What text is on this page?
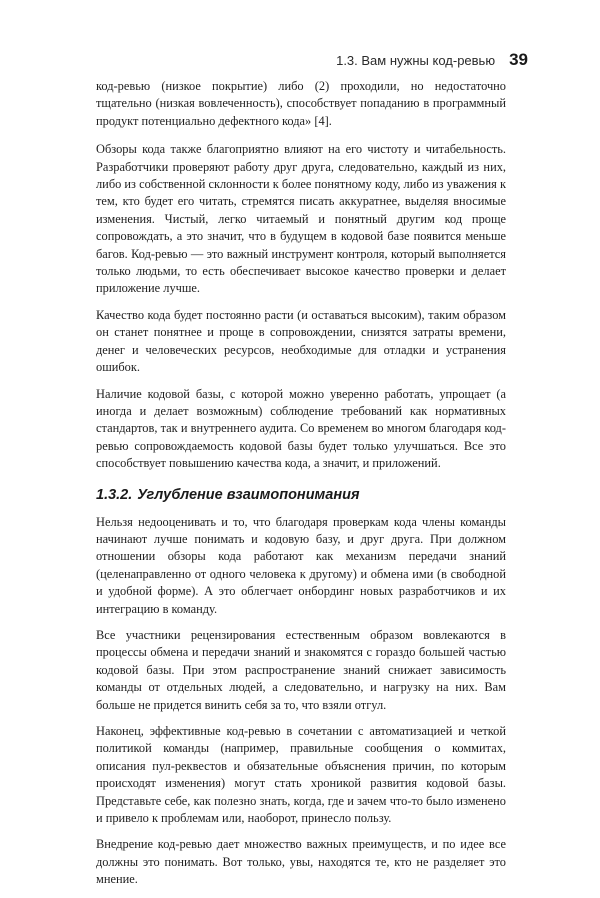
1.3. Вам нужны код-ревью 39

код-ревью (низкое покрытие) либо (2) проходили, но недостаточно тщательно (низкая вовлеченность), способствует попаданию в программный продукт потенциально дефектного кода» [4].

Обзоры кода также благоприятно влияют на его чистоту и читабельность. Разработчики проверяют работу друг друга, следовательно, каждый из них, либо из собственной склонности к более понятному коду, либо из уважения к тем, кто будет его читать, стремятся писать аккуратнее, выделяя вносимые изменения. Чистый, легко читаемый и понятный другим код проще сопровождать, а это значит, что в будущем в кодовой базе появится меньше багов. Код-ревью — это важный инструмент контроля, который выполняется только людьми, то есть обеспечивает высокое качество проверки и делает приложение лучше.

Качество кода будет постоянно расти (и оставаться высоким), таким образом он станет понятнее и проще в сопровождении, снизятся затраты времени, денег и человеческих ресурсов, необходимые для отладки и устранения ошибок.

Наличие кодовой базы, с которой можно уверенно работать, упрощает (а иногда и делает возможным) соблюдение требований как нормативных стандартов, так и внутреннего аудита. Со временем во многом благодаря код-ревью сопровождаемость кодовой базы будет только улучшаться. Все это способствует повышению качества кода, а значит, и приложений.

1.3.2. Углубление взаимопонимания

Нельзя недооценивать и то, что благодаря проверкам кода члены команды начинают лучше понимать и кодовую базу, и друг друга. При должном отношении обзоры кода работают как механизм передачи знаний (целенаправленно от одного человека к другому) и обмена ими (в свободной и удобной форме). А это облегчает онбординг новых разработчиков и их интеграцию в команду.

Все участники рецензирования естественным образом вовлекаются в процессы обмена и передачи знаний и знакомятся с гораздо большей частью кодовой базы. При этом распространение знаний снижает зависимость команды от отдельных людей, а следовательно, и нагрузку на них. Вам больше не придется винить себя за то, что взяли отгул.

Наконец, эффективные код-ревью в сочетании с автоматизацией и четкой политикой команды (например, правильные сообщения о коммитах, описания пул-реквестов и обязательные объяснения причин, по которым происходят изменения) могут стать хроникой развития кодовой базы. Представьте себе, как полезно знать, когда, где и зачем что-то было изменено и привело к проблемам или, наоборот, принесло пользу.

Внедрение код-ревью дает множество важных преимуществ, и по идее все должны это понимать. Вот только, увы, находятся те, кто не разделяет это мнение.
